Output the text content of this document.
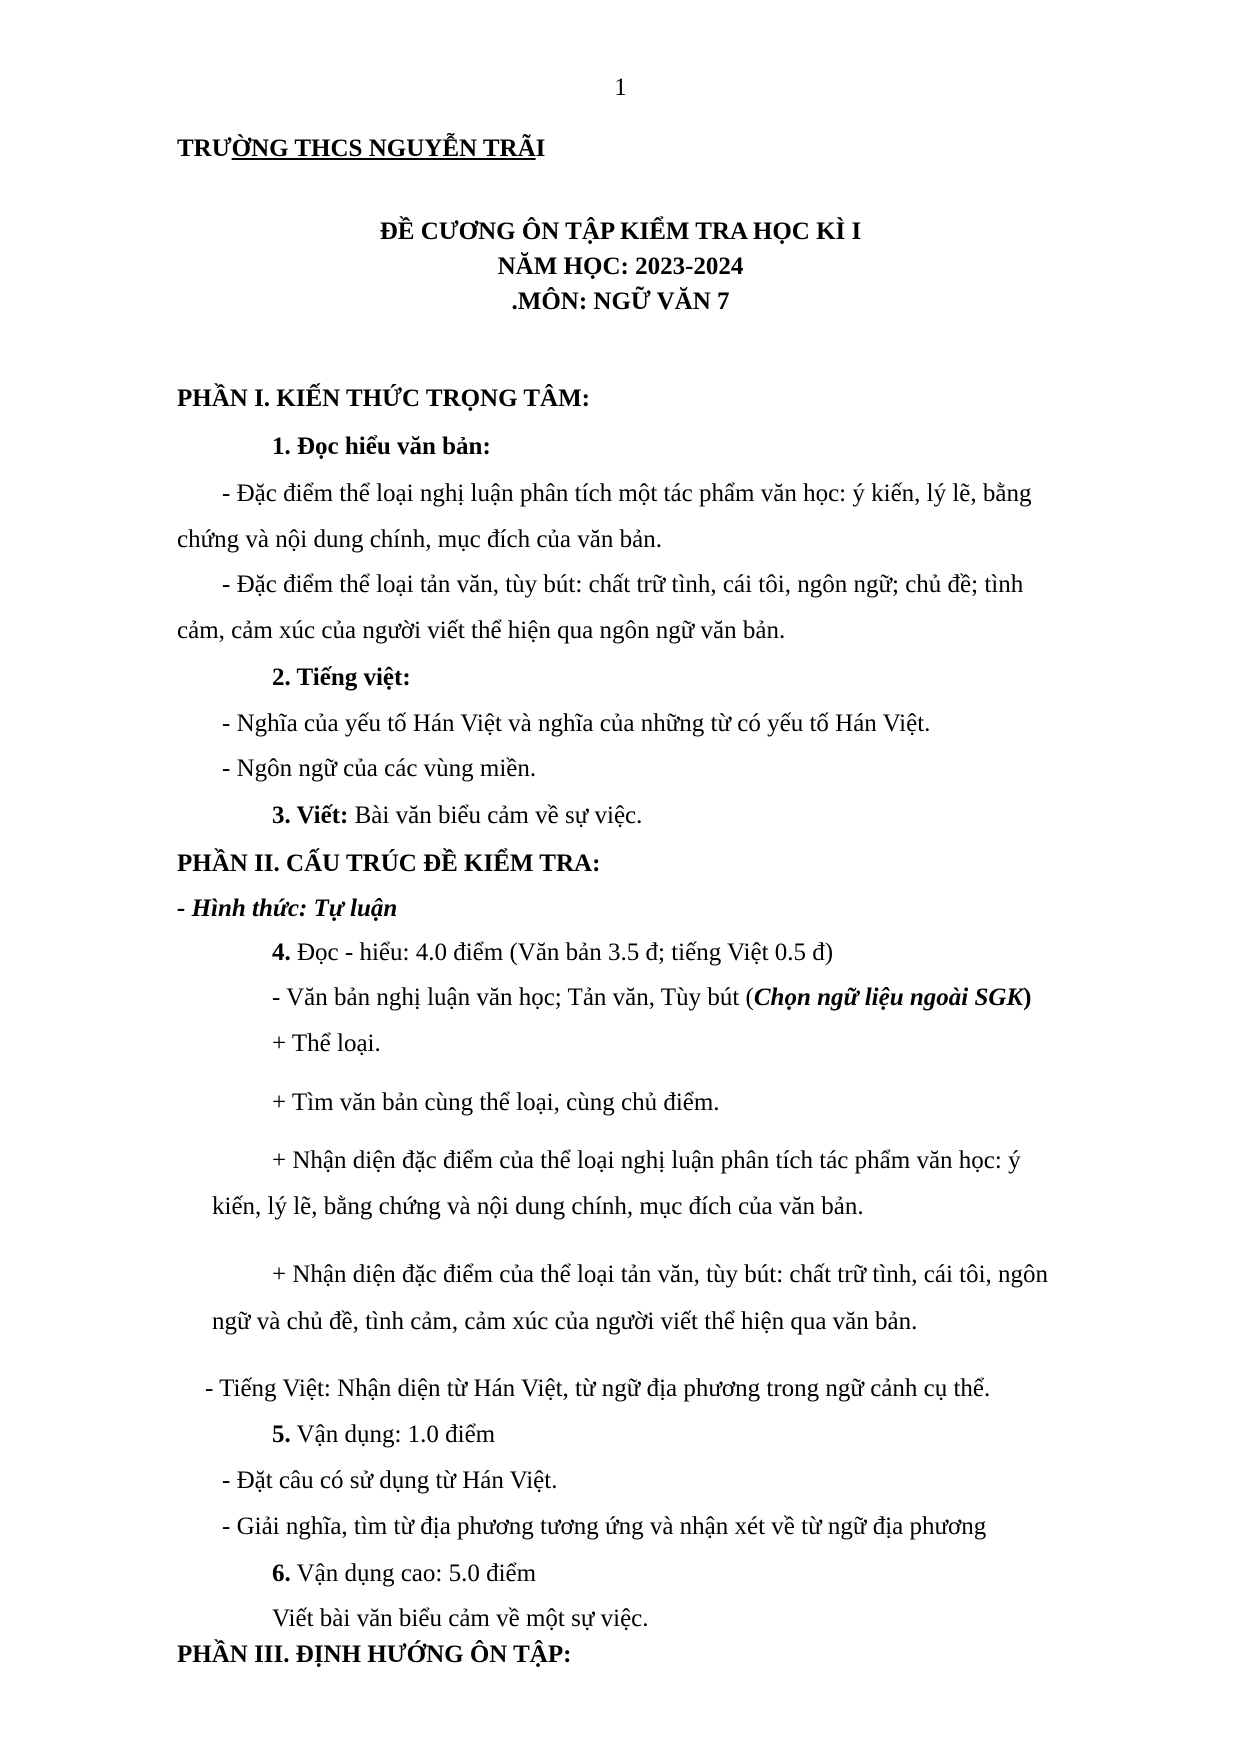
1
TRƯỜNG THCS NGUYỄN TRÃI
ĐỀ CƯƠNG ÔN TẬP KIỂM TRA HỌC KÌ I
NĂM HỌC: 2023-2024
.MÔN: NGỮ VĂN 7
PHẦN I. KIẾN THỨC TRỌNG TÂM:
1. Đọc hiểu văn bản:
- Đặc điểm thể loại nghị luận phân tích một tác phẩm văn học: ý kiến, lý lẽ, bằng
chứng và nội dung chính, mục đích của văn bản.
- Đặc điểm thể loại tản văn, tùy bút: chất trữ tình, cái tôi, ngôn ngữ; chủ đề; tình
cảm, cảm xúc của người viết thể hiện qua ngôn ngữ văn bản.
2. Tiếng việt:
- Nghĩa của yếu tố Hán Việt và nghĩa của những từ có yếu tố Hán Việt.
- Ngôn ngữ của các vùng miền.
3. Viết: Bài văn biểu cảm về sự việc.
PHẦN II. CẤU TRÚC ĐỀ KIỂM TRA:
- Hình thức: Tự luận
4. Đọc - hiểu: 4.0 điểm (Văn bản 3.5 đ; tiếng Việt 0.5 đ)
- Văn bản nghị luận văn học; Tản văn, Tùy bút (Chọn ngữ liệu ngoài SGK)
+ Thể loại.
+ Tìm văn bản cùng thể loại, cùng chủ điểm.
+ Nhận diện đặc điểm của thể loại nghị luận phân tích tác phẩm văn học: ý
kiến, lý lẽ, bằng chứng và nội dung chính, mục đích của văn bản.
+ Nhận diện đặc điểm của thể loại tản văn, tùy bút: chất trữ tình, cái tôi, ngôn
ngữ và chủ đề, tình cảm, cảm xúc của người viết thể hiện qua văn bản.
- Tiếng Việt: Nhận diện từ Hán Việt, từ ngữ địa phương trong ngữ cảnh cụ thể.
5. Vận dụng: 1.0 điểm
- Đặt câu có sử dụng từ Hán Việt.
- Giải nghĩa, tìm từ địa phương tương ứng và nhận xét về từ ngữ địa phương
6. Vận dụng cao: 5.0 điểm
Viết bài văn biểu cảm về một sự việc.
PHẦN III. ĐỊNH HƯỚNG ÔN TẬP:
